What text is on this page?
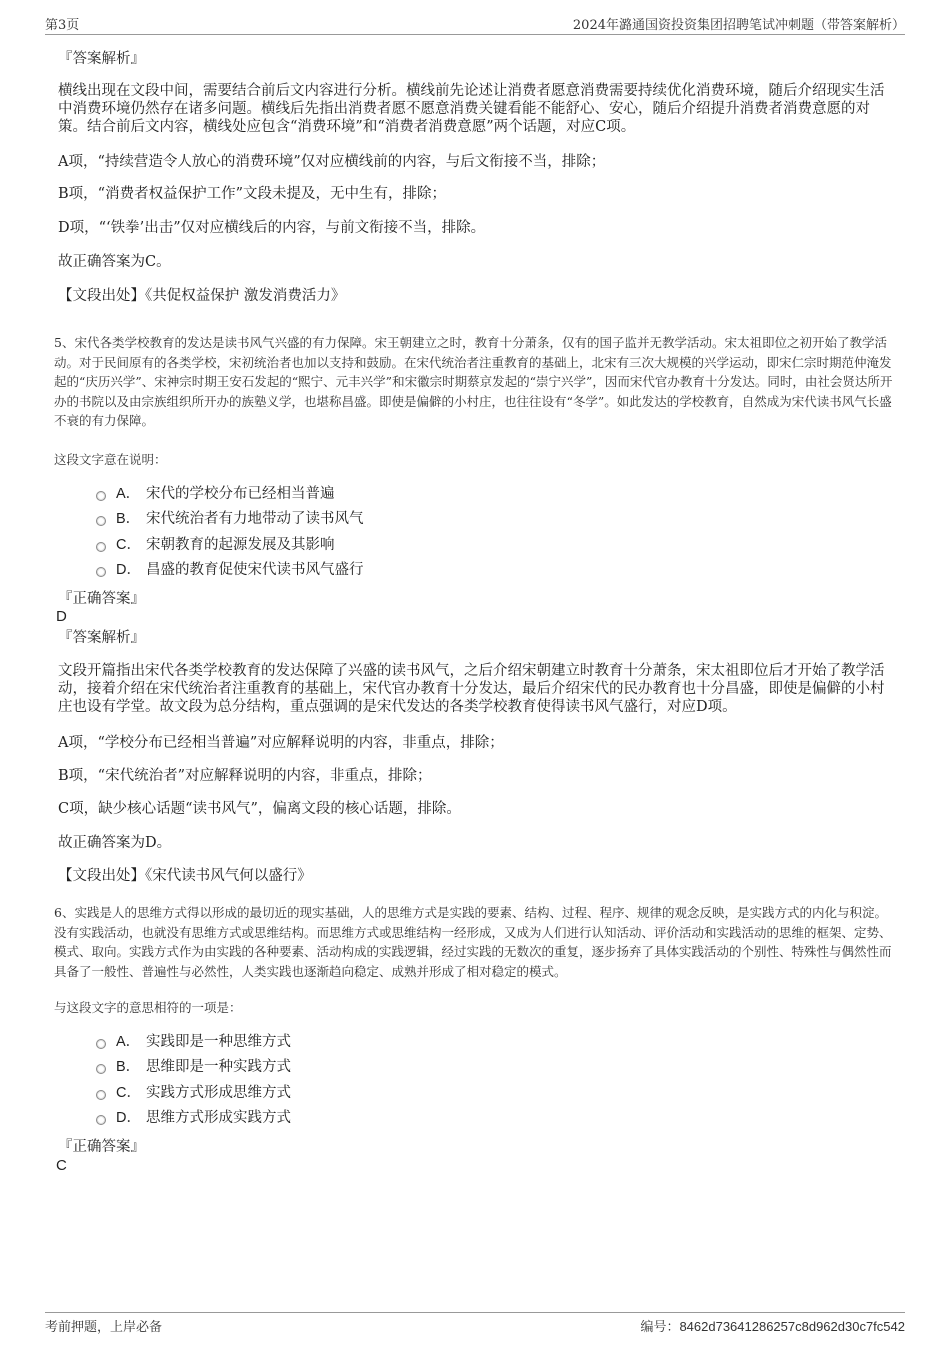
第3页	2024年潞通国资投资集团招聘笔试冲刺题（带答案解析）
『答案解析』
横线出现在文段中间，需要结合前后文内容进行分析。横线前先论述让消费者愿意消费需要持续优化消费环境，随后介绍现实生活中消费环境仍然存在诸多问题。横线后先指出消费者愿不愿意消费关键看能不能舒心、安心，随后介绍提升消费者消费意愿的对策。结合前后文内容，横线处应包含“消费环境”和“消费者消费意愿”两个话题，对应C项。
A项，“持续营造令人放心的消费环境”仅对应横线前的内容，与后文衔接不当，排除；
B项，“消费者权益保护工作”文段未提及，无中生有，排除；
D项，“‘铁拳’出击”仅对应横线后的内容，与前文衔接不当，排除。
故正确答案为C。
【文段出处】《共促权益保护 激发消费活力》
5、宋代各类学校教育的发达是读书风气兴盛的有力保障。宋王朝建立之时，教育十分萧条，仅有的国子监并无教学活动。宋太祖即位之初开始了教学活动。对于民间原有的各类学校，宋初统治者也加以支持和鼓励。在宋代统治者注重教育的基础上，北宋有三次大规模的兴学运动，即宋仁宗时期范仲淹发起的“庆历兴学”、宋神宗时期王安石发起的“熙宁、元丰兴学”和宋徽宗时期蔡京发起的“崇宁兴学”，因而宋代官办教育十分发达。同时，由社会贤达所开办的书院以及由宗族组织所开办的族塾义学，也堪称昌盛。即使是偏僻的小村庄，也往往设有“冬学”。如此发达的学校教育，自然成为宋代读书风气长盛不衰的有力保障。
这段文字意在说明：
A． 宋代的学校分布已经相当普遍
B． 宋代统治者有力地带动了读书风气
C． 宋朝教育的起源发展及其影响
D． 昌盛的教育促使宋代读书风气盛行
『正确答案』
D
『答案解析』
文段开篇指出宋代各类学校教育的发达保障了兴盛的读书风气，之后介绍宋朝建立时教育十分萧条，宋太祖即位后才开始了教学活动，接着介绍在宋代统治者注重教育的基础上，宋代官办教育十分发达，最后介绍宋代的民办教育也十分昌盛，即使是偏僻的小村庄也设有学堂。故文段为总分结构，重点强调的是宋代发达的各类学校教育使得读书风气盛行，对应D项。
A项，“学校分布已经相当普遍”对应解释说明的内容，非重点，排除；
B项，“宋代统治者”对应解释说明的内容，非重点，排除；
C项，缺少核心话题“读书风气”，偏离文段的核心话题，排除。
故正确答案为D。
【文段出处】《宋代读书风气何以盛行》
6、实践是人的思维方式得以形成的最切近的现实基础，人的思维方式是实践的要素、结构、过程、程序、规律的观念反映，是实践方式的内化与积淀。没有实践活动，也就没有思维方式或思维结构。而思维方式或思维结构一经形成，又成为人们进行认知活动、评价活动和实践活动的思维的框架、定势、模式、取向。实践方式作为由实践的各种要素、活动构成的实践逻辑，经过实践的无数次的重复，逐步扬弃了具体实践活动的个别性、特殊性与偶然性而具备了一般性、普遍性与必然性，人类实践也逐渐趋向稳定、成熟并形成了相对稳定的模式。
与这段文字的意思相符的一项是：
A． 实践即是一种思维方式
B． 思维即是一种实践方式
C． 实践方式形成思维方式
D． 思维方式形成实践方式
『正确答案』
C
考前押题，上岸必备	编号：8462d73641286257c8d962d30c7fc542
